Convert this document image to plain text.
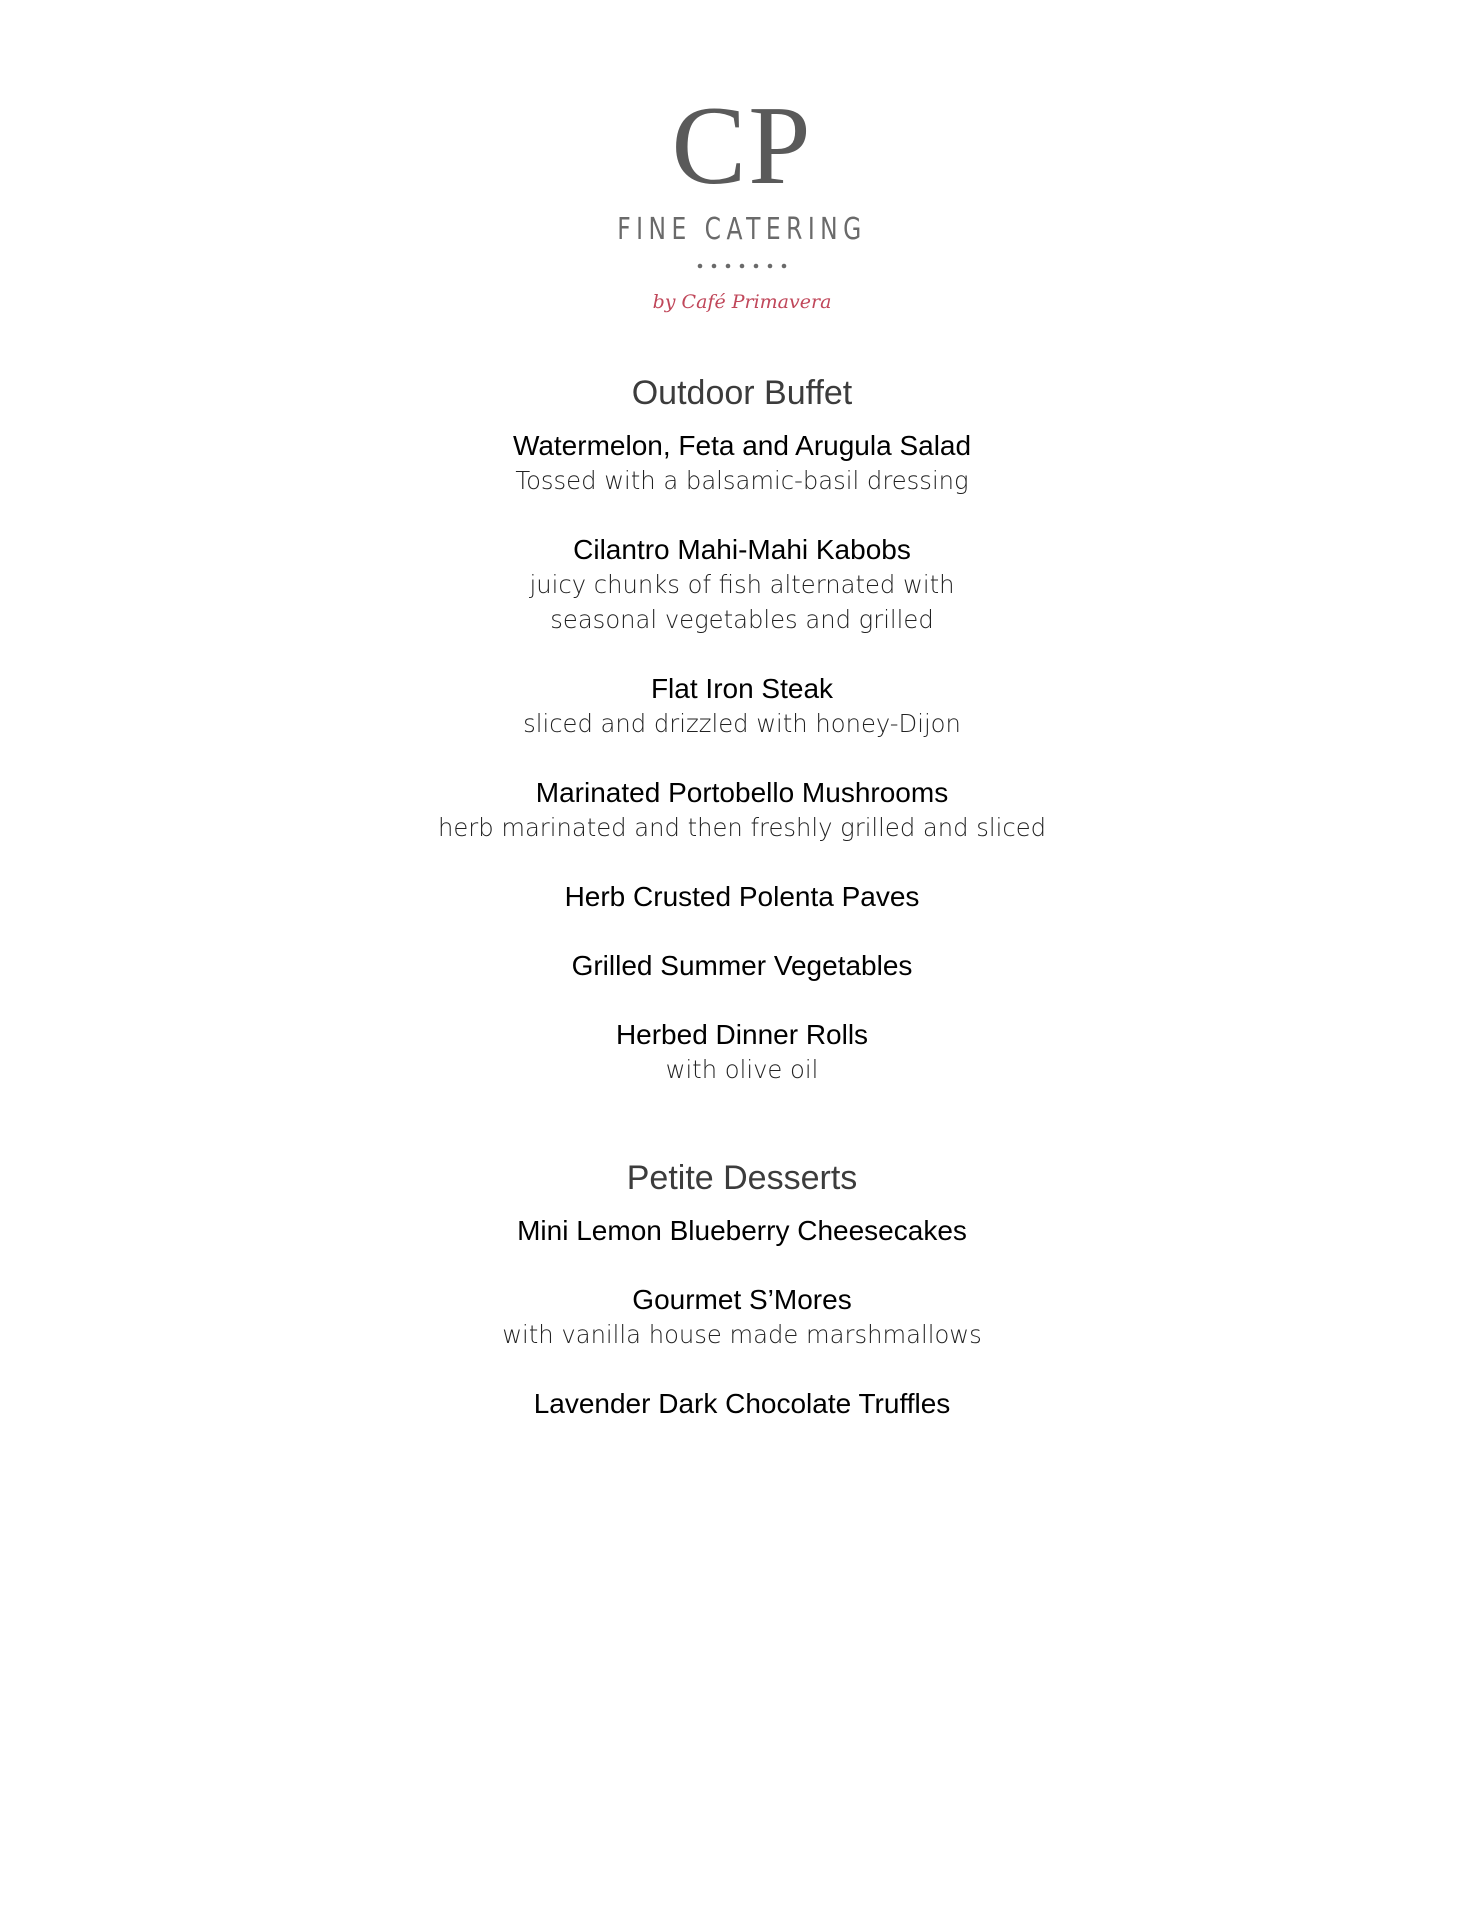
CP
FINE CATERING
by Café Primavera
Outdoor Buffet
Watermelon, Feta and Arugula Salad
Tossed with a balsamic-basil dressing
Cilantro Mahi-Mahi Kabobs
juicy chunks of fish alternated with
seasonal vegetables and grilled
Flat Iron Steak
sliced and drizzled with honey-Dijon
Marinated Portobello Mushrooms
herb marinated and then freshly grilled and sliced
Herb Crusted Polenta Paves
Grilled Summer Vegetables
Herbed Dinner Rolls
with olive oil
Petite Desserts
Mini Lemon Blueberry Cheesecakes
Gourmet S’Mores
with vanilla house made marshmallows
Lavender Dark Chocolate Truffles
